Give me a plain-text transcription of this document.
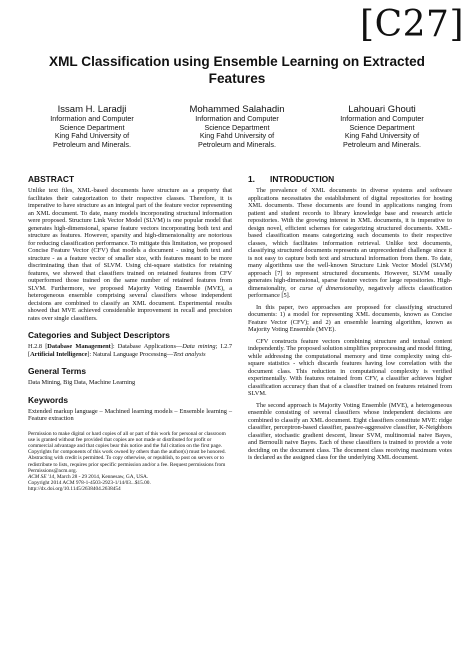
[C27]
XML Classification using Ensemble Learning on Extracted Features
Issam H. Laradji
Information and Computer
Science Department
King Fahd University of
Petroleum and Minerals.
Mohammed Salahadin
Information and Computer
Science Department
King Fahd University of
Petroleum and Minerals.
Lahouari Ghouti
Information and Computer
Science Department
King Fahd University of
Petroleum and Minerals.
ABSTRACT

Unlike text files, XML-based documents have structure as a property that facilitates their categorization to their respective classes. Therefore, it is imperative to have structure as an integral part of the feature vector representing an XML document. To date, many models incorporating structural information were proposed. Structure Link Vector Model (SLVM) is one popular model that generates high-dimensional, sparse feature vectors incorporating both text and structure as features. However, sparsity and high-dimensionality are notorious for reducing classification performance. To mitigate this limitation, we proposed Concise Feature Vector (CFV) that models a document - using both text and structure - as a feature vector of smaller size, with features meant to be more discriminating than that of SLVM. Using chi-square statistics for retaining features, we showed that classifiers trained on retained features from CFV outperformed those trained on the same number of retained features from SLVM. Furthermore, we proposed Majority Voting Ensemble (MVE), a heterogeneous ensemble comprising several classifiers whose independent decisions are combined to classify an XML document. Experimental results showed that MVE achieved considerable improvement in recall and precision rates over single classifiers.

Categories and Subject Descriptors

H.2.8 [Database Management]: Database Applications—Data mining; I.2.7 [Artificial Intelligence]: Natural Language Processing—Text analysis

General Terms

Data Mining, Big Data, Machine Learning

Keywords

Extended markup language – Machined learning models – Ensemble learning – Feature extraction

Permission to make digital or hard copies of all or part of this work for personal or classroom use is granted without fee provided that copies are not made or distributed for profit or commercial advantage and that copies bear this notice and the full citation on the first page. Copyrights for components of this work owned by others than the author(s) must be honored. Abstracting with credit is permitted. To copy otherwise, or republish, to post on servers or to redistribute to lists, requires prior specific permission and/or a fee. Request permissions from Permissions@acm.org.

ACM SE '14, March 28 - 29 2014, Kennesaw, GA, USA.

Copyright 2014 ACM 978-1-4503-2923-1/14/03...$15.00.

http://dx.doi.org/10.1145/2638404.2638454

1. INTRODUCTION

The prevalence of XML documents in diverse systems and software applications necessitates the establishment of digital repositories for hosting XML documents. These documents are found in applications ranging from patient and student records to library knowledge base and research article repositories. With the growing interest in XML documents, it is imperative to design novel, efficient schemes for categorizing structured documents. XML-based classification means categorizing such documents to their respective classes, which facilitates information retrieval. Unlike text documents, classifying structured documents represents an unprecedented challenge since it is not easy to capture both text and structural information from them. To date, many algorithms use the well-known Structure Link Vector Model (SLVM) approach [7] to represent structured documents. However, SLVM usually generates high-dimensional, sparse feature vectors for large repositories. High-dimensionality, or curse of dimensionality, negatively affects classification performance [5].

In this paper, two approaches are proposed for classifying structured documents: 1) a model for representing XML documents, known as Concise Feature Vector (CFV); and 2) an ensemble learning algorithm, known as Majority Voting Ensemble (MVE).

CFV constructs feature vectors combining structure and textual content independently. The proposed solution simplifies preprocessing and model fitting, while addressing the computational memory and time complexity using chi-square statistics - which discards features having low correlation with the document class. This reduction in computational complexity is verified experimentally. With features retained from CFV, a classifier achieves higher classification accuracy than that of a classifier trained on features retained from SLVM.

The second approach is Majority Voting Ensemble (MVE), a heterogeneous ensemble consisting of several classifiers whose independent decisions are combined to classify an XML document. Eight classifiers constitute MVE: ridge classifier, perceptron-based classifier, passive-aggressive classifier, K-Neighbors classifier, stochastic gradient descent, linear SVM, multinomial naive Bayes, and Bernoulli naive Bayes. Each of these classifiers is trained to provide a vote deciding on the document class. The document class receiving maximum votes is declared as the assigned class for the underlying XML document.
